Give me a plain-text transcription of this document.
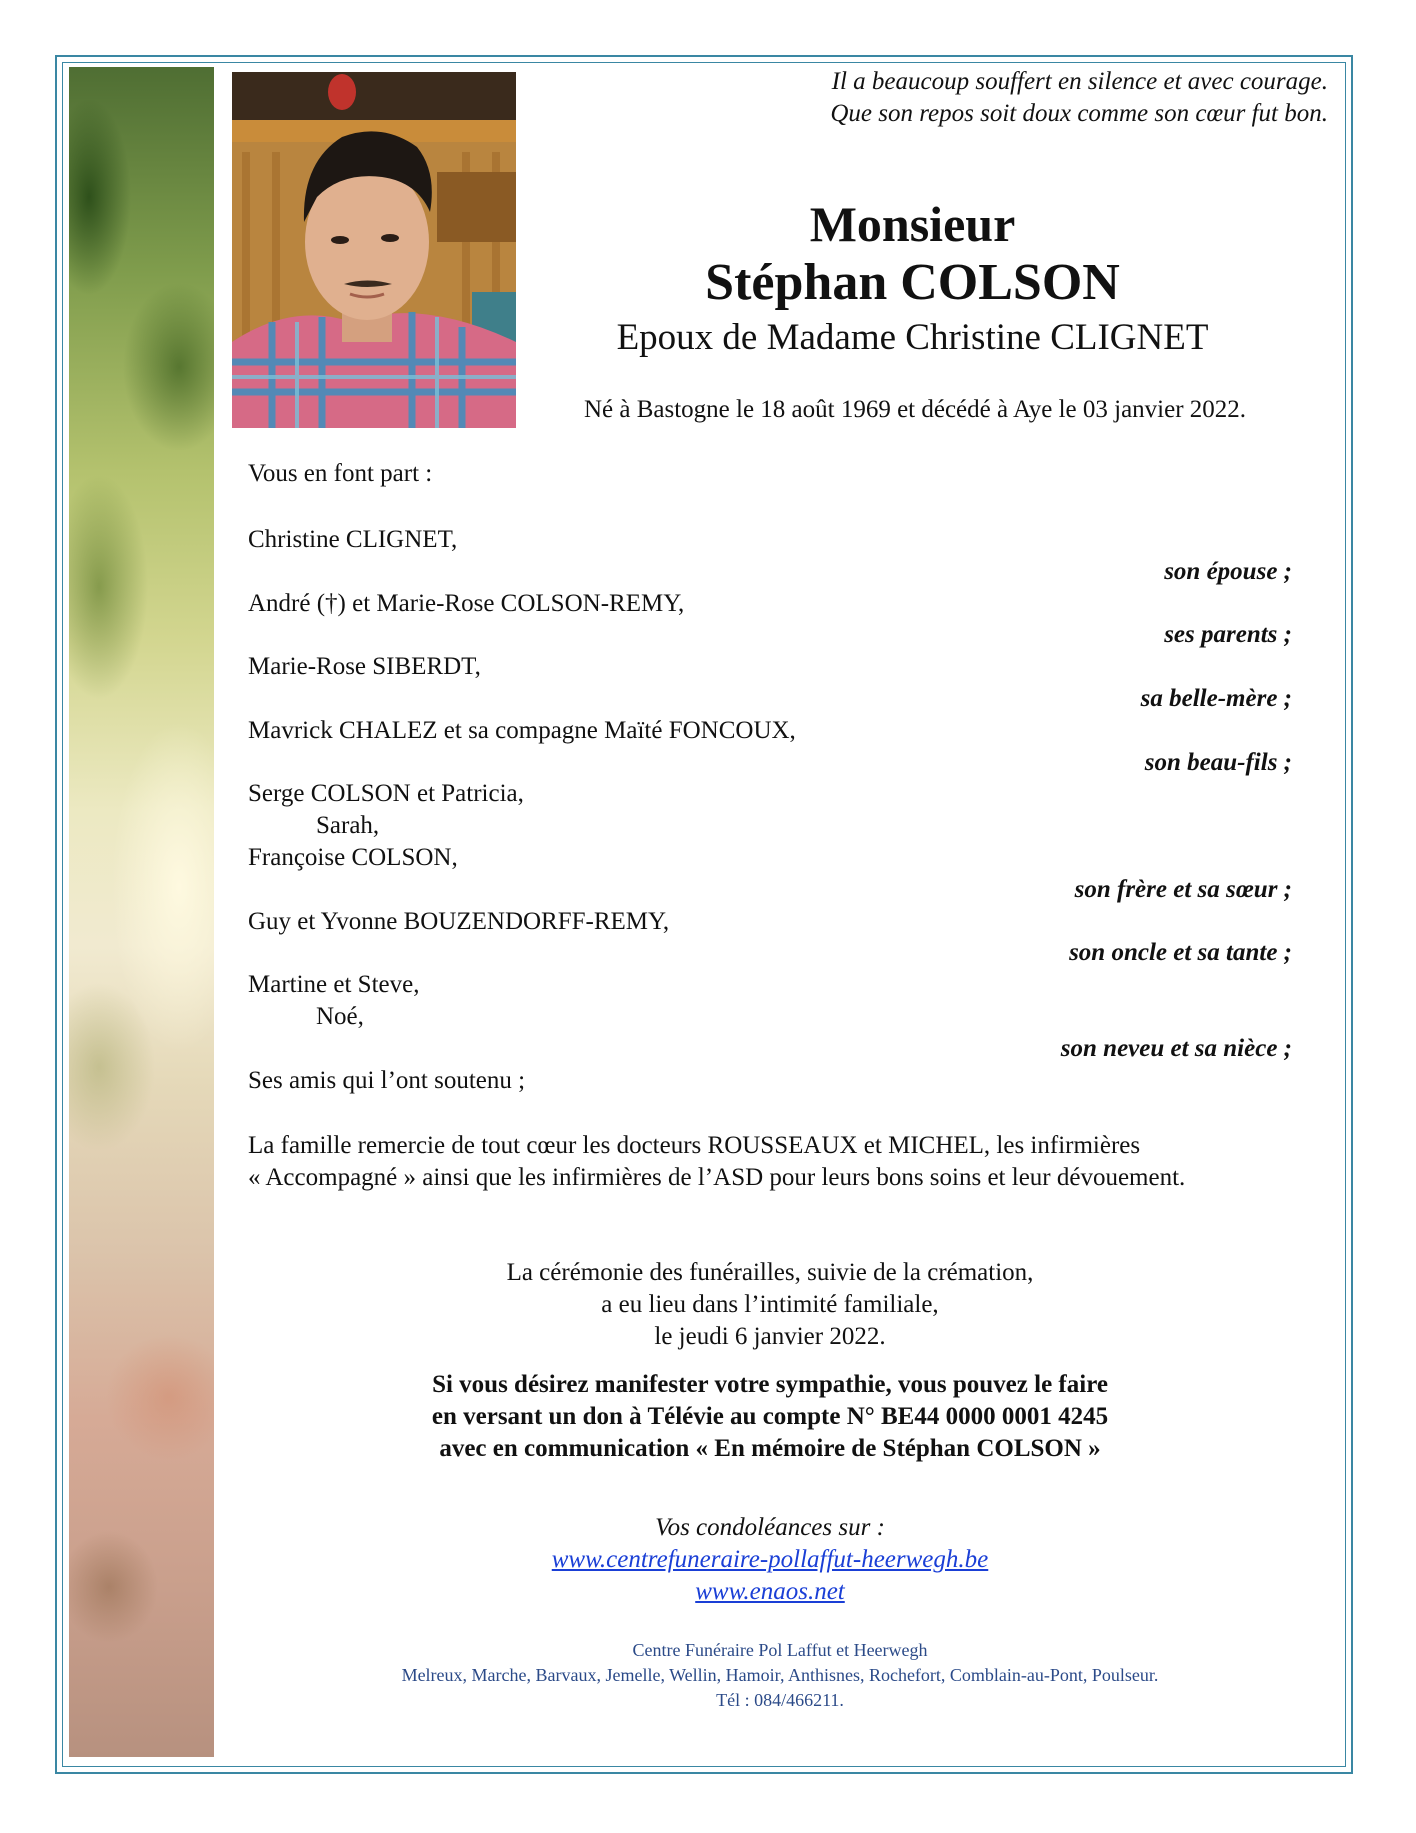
Il a beaucoup souffert en silence et avec courage.
Que son repos soit doux comme son cœur fut bon.
Monsieur
Stéphan COLSON
Epoux de Madame Christine CLIGNET
Né à Bastogne le 18 août 1969 et décédé à Aye le 03 janvier 2022.
Vous en font part :
Christine CLIGNET,
son épouse ;
André (†) et Marie-Rose COLSON-REMY,
ses parents ;
Marie-Rose SIBERDT,
sa belle-mère ;
Mavrick CHALEZ et sa compagne Maïté FONCOUX,
son beau-fils ;
Serge COLSON et Patricia,
Sarah,
Françoise COLSON,
son frère et sa sœur ;
Guy et Yvonne BOUZENDORFF-REMY,
son oncle et sa tante ;
Martine et Steve,
Noé,
son neveu et sa nièce ;
Ses amis qui l’ont soutenu ;
La famille remercie de tout cœur les docteurs ROUSSEAUX et MICHEL, les infirmières
« Accompagné » ainsi que les infirmières de l’ASD pour leurs bons soins et leur dévouement.
La cérémonie des funérailles, suivie de la crémation,
a eu lieu dans l’intimité familiale,
le jeudi 6 janvier 2022.
Si vous désirez manifester votre sympathie, vous pouvez le faire
en versant un don à Télévie au compte N° BE44 0000 0001 4245
avec en communication « En mémoire de Stéphan COLSON »
Vos condoléances sur :
www.centrefuneraire-pollaffut-heerwegh.be
www.enaos.net
Centre Funéraire Pol Laffut et Heerwegh
Melreux, Marche, Barvaux, Jemelle, Wellin, Hamoir, Anthisnes, Rochefort, Comblain-au-Pont, Poulseur.
Tél : 084/466211.
